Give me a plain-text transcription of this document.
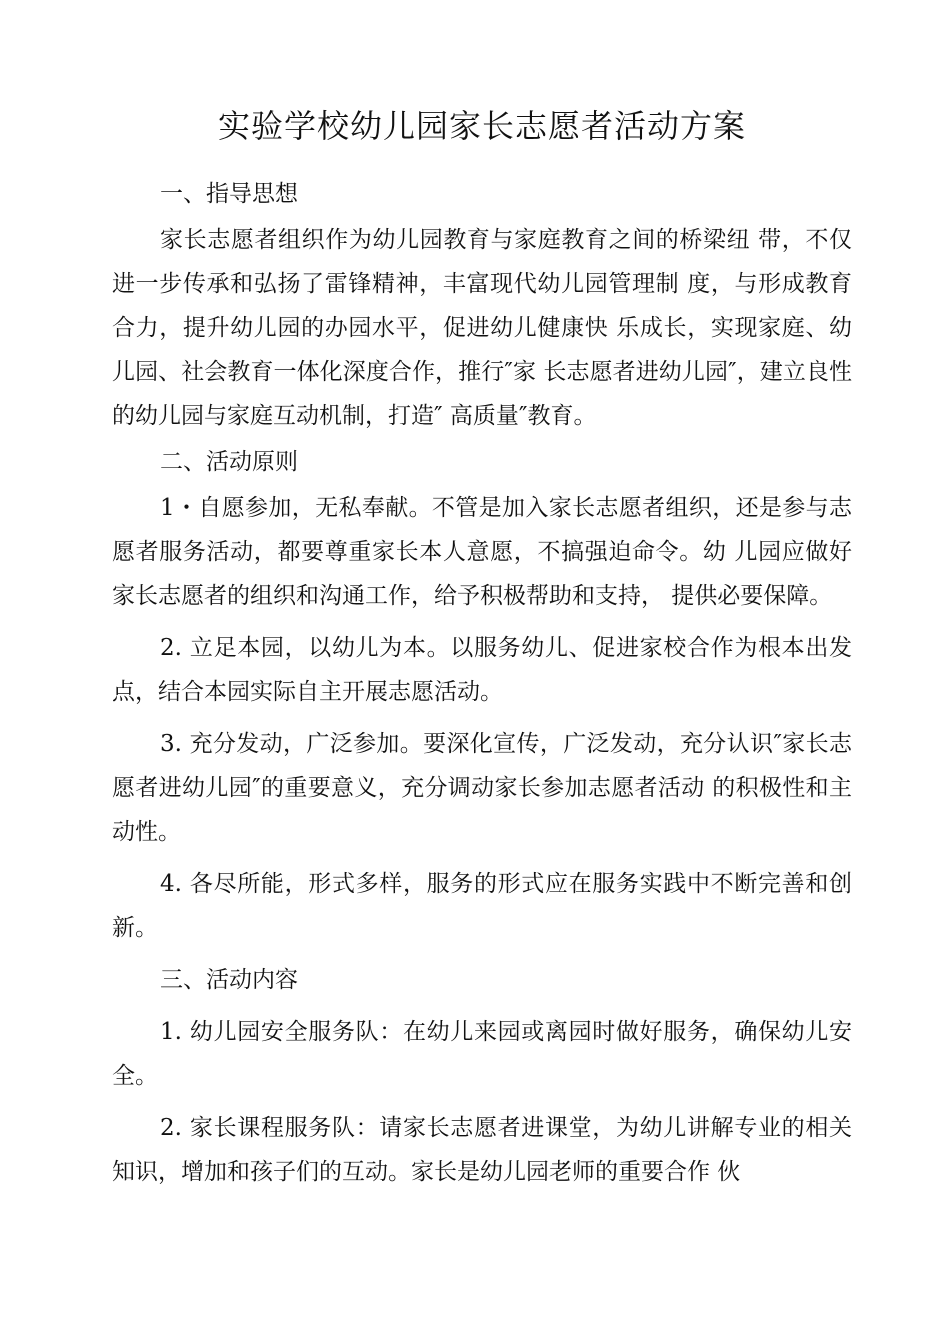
实验学校幼儿园家长志愿者活动方案

一、指导思想

家长志愿者组织作为幼儿园教育与家庭教育之间的桥梁纽 带，不仅进一步传承和弘扬了雷锋精神，丰富现代幼儿园管理制 度，与形成教育合力，提升幼儿园的办园水平，促进幼儿健康快 乐成长，实现家庭、幼儿园、社会教育一体化深度合作，推行″家 长志愿者进幼儿园″，建立良性的幼儿园与家庭互动机制，打造″ 高质量″教育。

二、活动原则

1・自愿参加，无私奉献。不管是加入家长志愿者组织，还是参与志愿者服务活动，都要尊重家长本人意愿，不搞强迫命令。幼 儿园应做好家长志愿者的组织和沟通工作，给予积极帮助和支持， 提供必要保障。

2. 立足本园，以幼儿为本。以服务幼儿、促进家校合作为根本出发点，结合本园实际自主开展志愿活动。

3. 充分发动，广泛参加。要深化宣传，广泛发动，充分认识″家长志愿者进幼儿园″的重要意义，充分调动家长参加志愿者活动 的积极性和主动性。

4. 各尽所能，形式多样，服务的形式应在服务实践中不断完善和创新。

三、活动内容

1. 幼儿园安全服务队：在幼儿来园或离园时做好服务，确保幼儿安全。

2. 家长课程服务队：请家长志愿者进课堂，为幼儿讲解专业的相关知识，增加和孩子们的互动。家长是幼儿园老师的重要合作 伙
